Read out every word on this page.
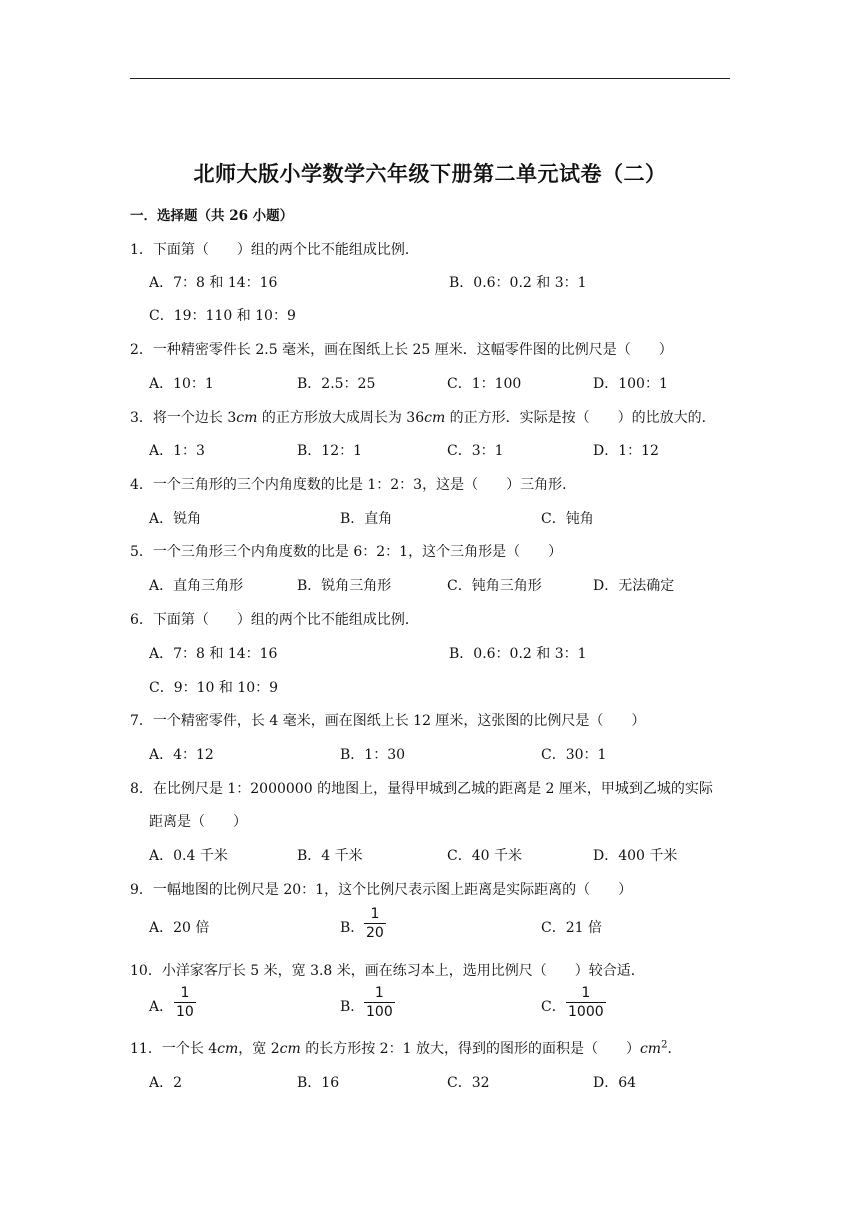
北师大版小学数学六年级下册第二单元试卷（二）
一．选择题（共 26 小题）
1．下面第（　　）组的两个比不能组成比例．
A．7：8 和 14：16	B．0.6：0.2 和 3：1
C．19：110 和 10：9
2．一种精密零件长 2.5 毫米，画在图纸上长 25 厘米．这幅零件图的比例尺是（　　）
A．10：1	B．2.5：25	C．1：100	D．100：1
3．将一个边长 3cm 的正方形放大成周长为 36cm 的正方形．实际是按（　　）的比放大的．
A．1：3	B．12：1	C．3：1	D．1：12
4．一个三角形的三个内角度数的比是 1：2：3，这是（　　）三角形．
A．锐角	B．直角	C．钝角
5．一个三角形三个内角度数的比是 6：2：1，这个三角形是（　　）
A．直角三角形	B．锐角三角形	C．钝角三角形	D．无法确定
6．下面第（　　）组的两个比不能组成比例．
A．7：8 和 14：16	B．0.6：0.2 和 3：1
C．9：10 和 10：9
7．一个精密零件，长 4 毫米，画在图纸上长 12 厘米，这张图的比例尺是（　　）
A．4：12	B．1：30	C．30：1
8．在比例尺是 1：2000000 的地图上，量得甲城到乙城的距离是 2 厘米，甲城到乙城的实际
距离是（　　）
A．0.4 千米	B．4 千米	C．40 千米	D．400 千米
9．一幅地图的比例尺是 20：1，这个比例尺表示图上距离是实际距离的（　　）
A．20 倍	B． $\frac{1}{20}$	C．21 倍
10．小洋家客厅长 5 米，宽 3.8 米，画在练习本上，选用比例尺（　　）较合适．
A． $\frac{1}{10}$	B． $\frac{1}{100}$	C． $\frac{1}{1000}$
11．一个长 4cm，宽 2cm 的长方形按 2：1 放大，得到的图形的面积是（　　）$cm^2$．
A．2	B．16	C．32	D．64
